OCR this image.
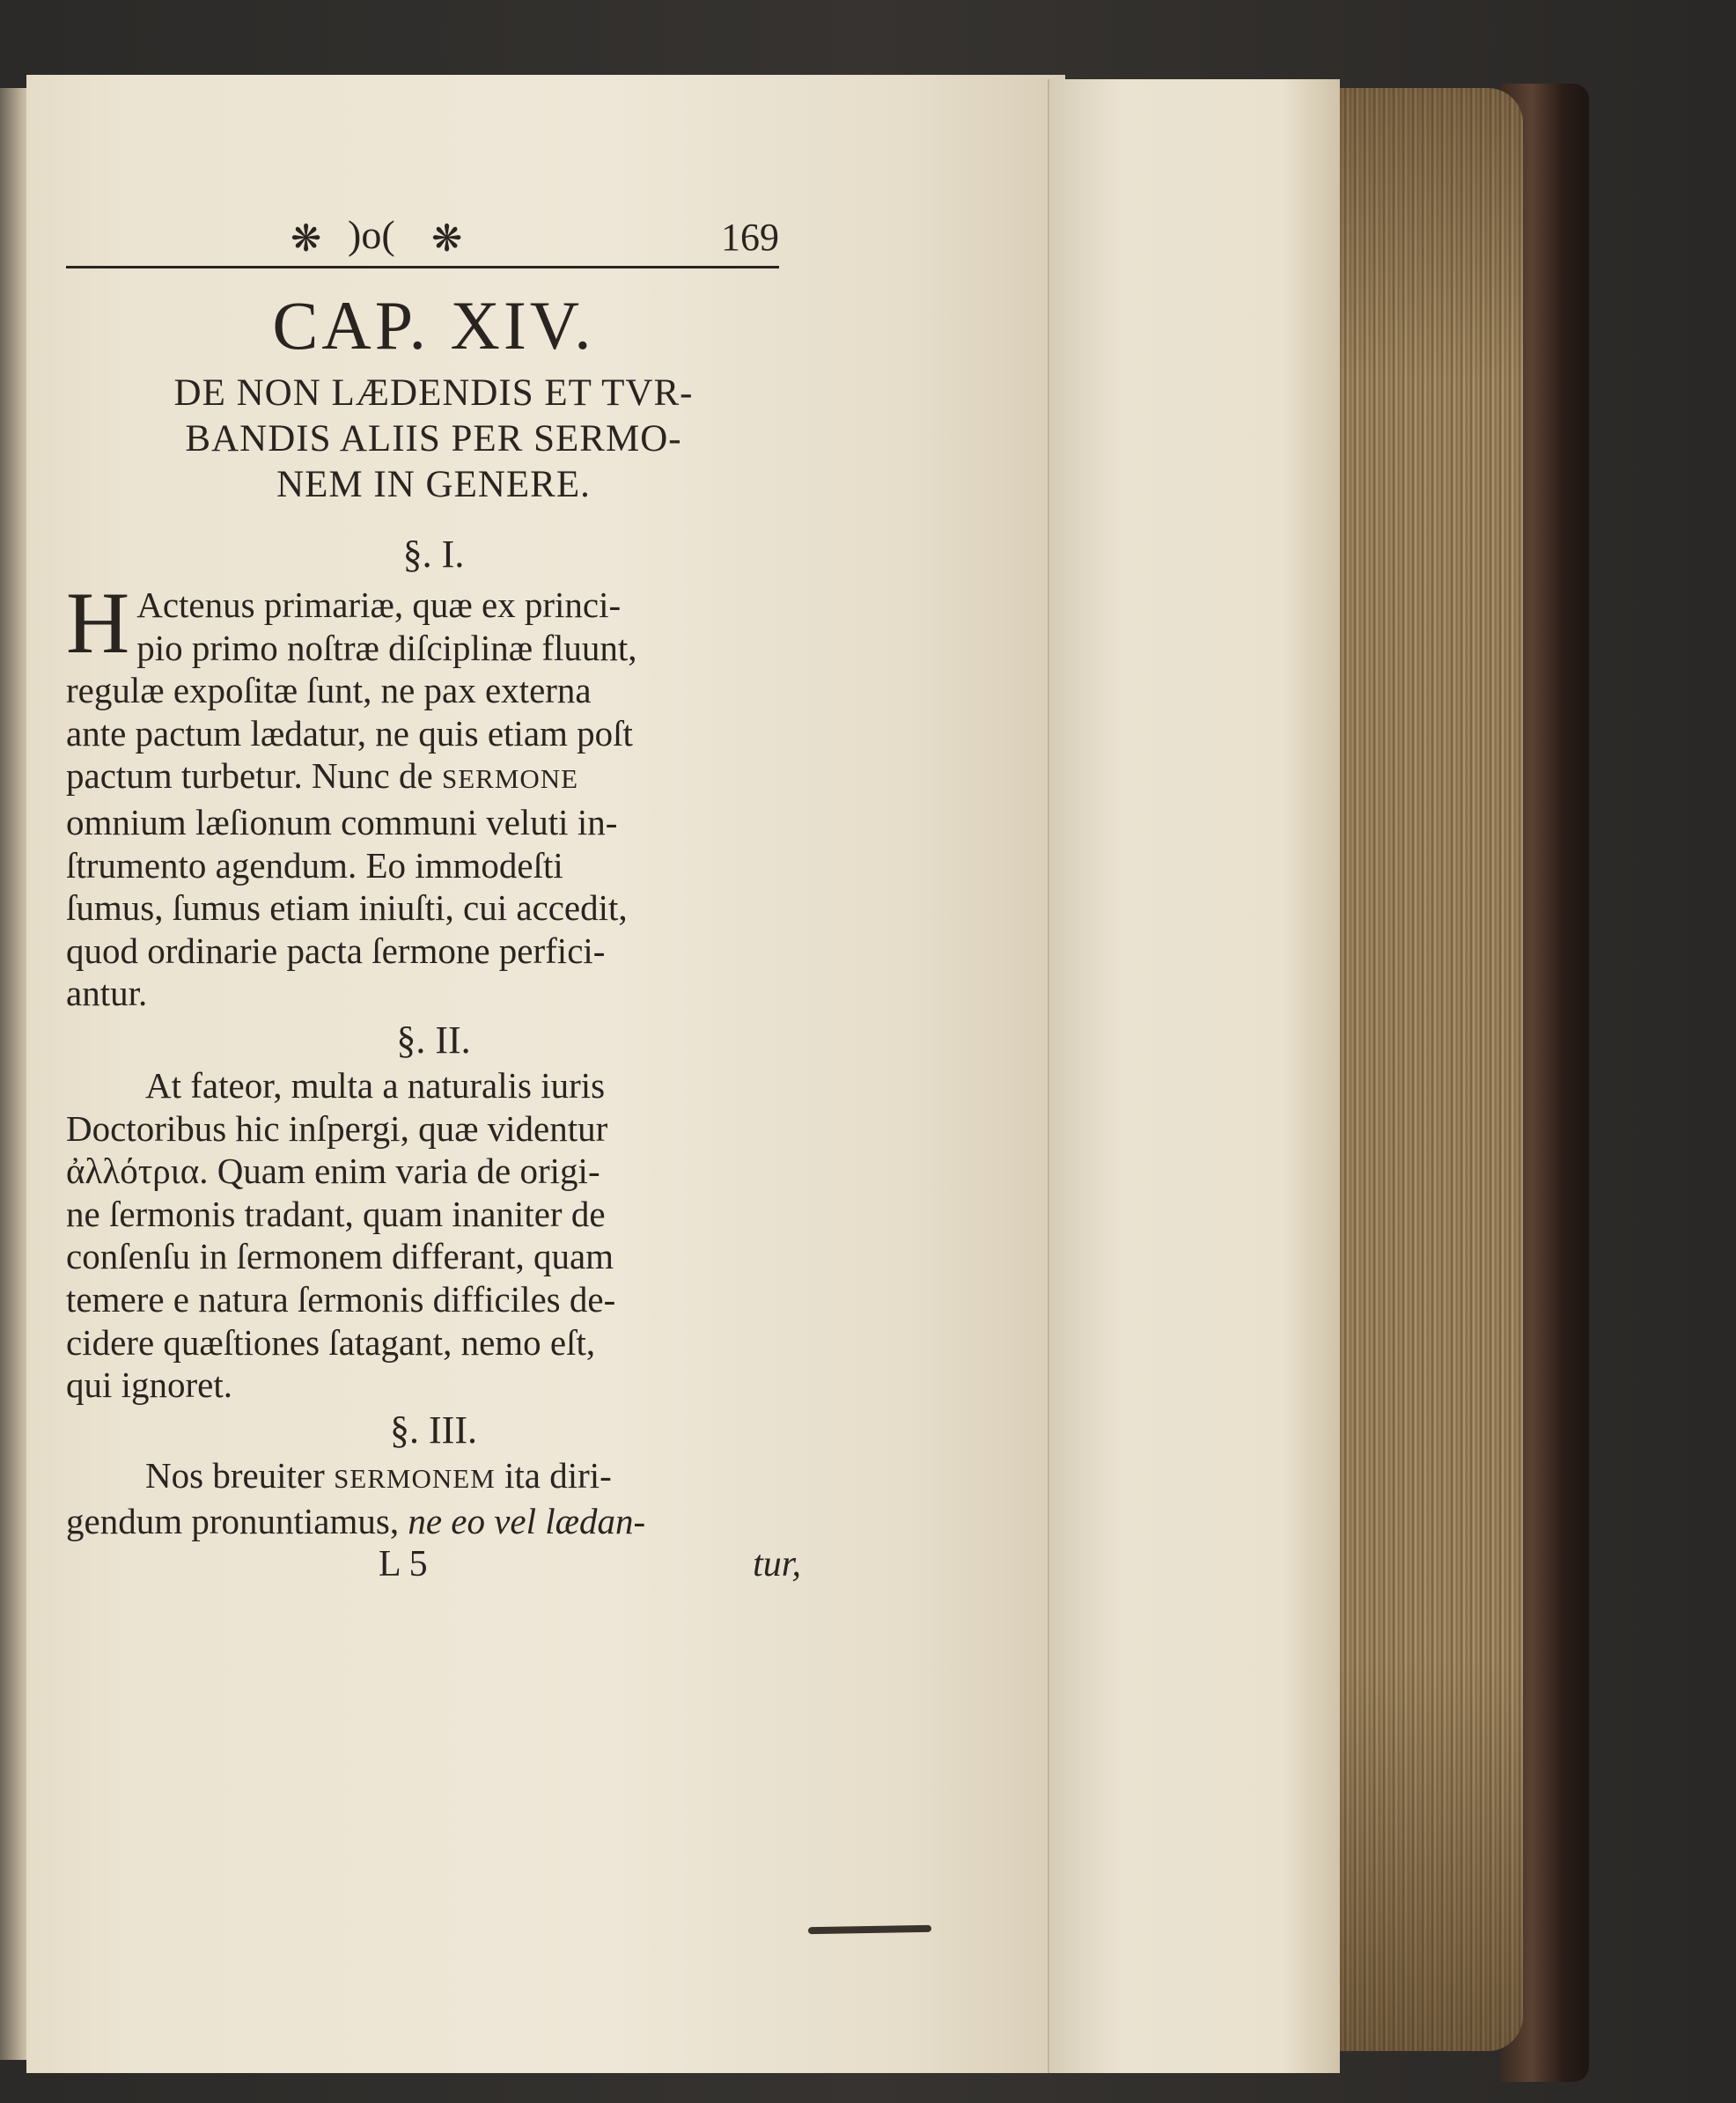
❋ )o( ❋	169
CAP. XIV.
DE NON LÆDENDIS ET TVR-
BANDIS ALIIS PER SERMO-
NEM IN GENERE.
§. I.
H Actenus primariæ, quæ ex princi-
pio primo noſtræ diſciplinæ fluunt,
regulæ expoſitæ ſunt, ne pax externa
ante pactum lædatur, ne quis etiam poſt
pactum turbetur. Nunc de SERMONE
omnium læſionum communi veluti in-
ſtrumento agendum. Eo immodeſti
ſumus, ſumus etiam iniuſti, cui accedit,
quod ordinarie pacta ſermone perfici-
antur.
§. II.
At fateor, multa a naturalis iuris
Doctoribus hic inſpergi, quæ videntur
ἀλλότρια. Quam enim varia de origi-
ne ſermonis tradant, quam inaniter de
conſenſu in ſermonem differant, quam
temere e natura ſermonis difficiles de-
cidere quæſtiones ſatagant, nemo eſt,
qui ignoret.
§. III.
Nos breuiter SERMONEM ita diri-
gendum pronuntiamus, ne eo vel lædan-
L 5	tur,
